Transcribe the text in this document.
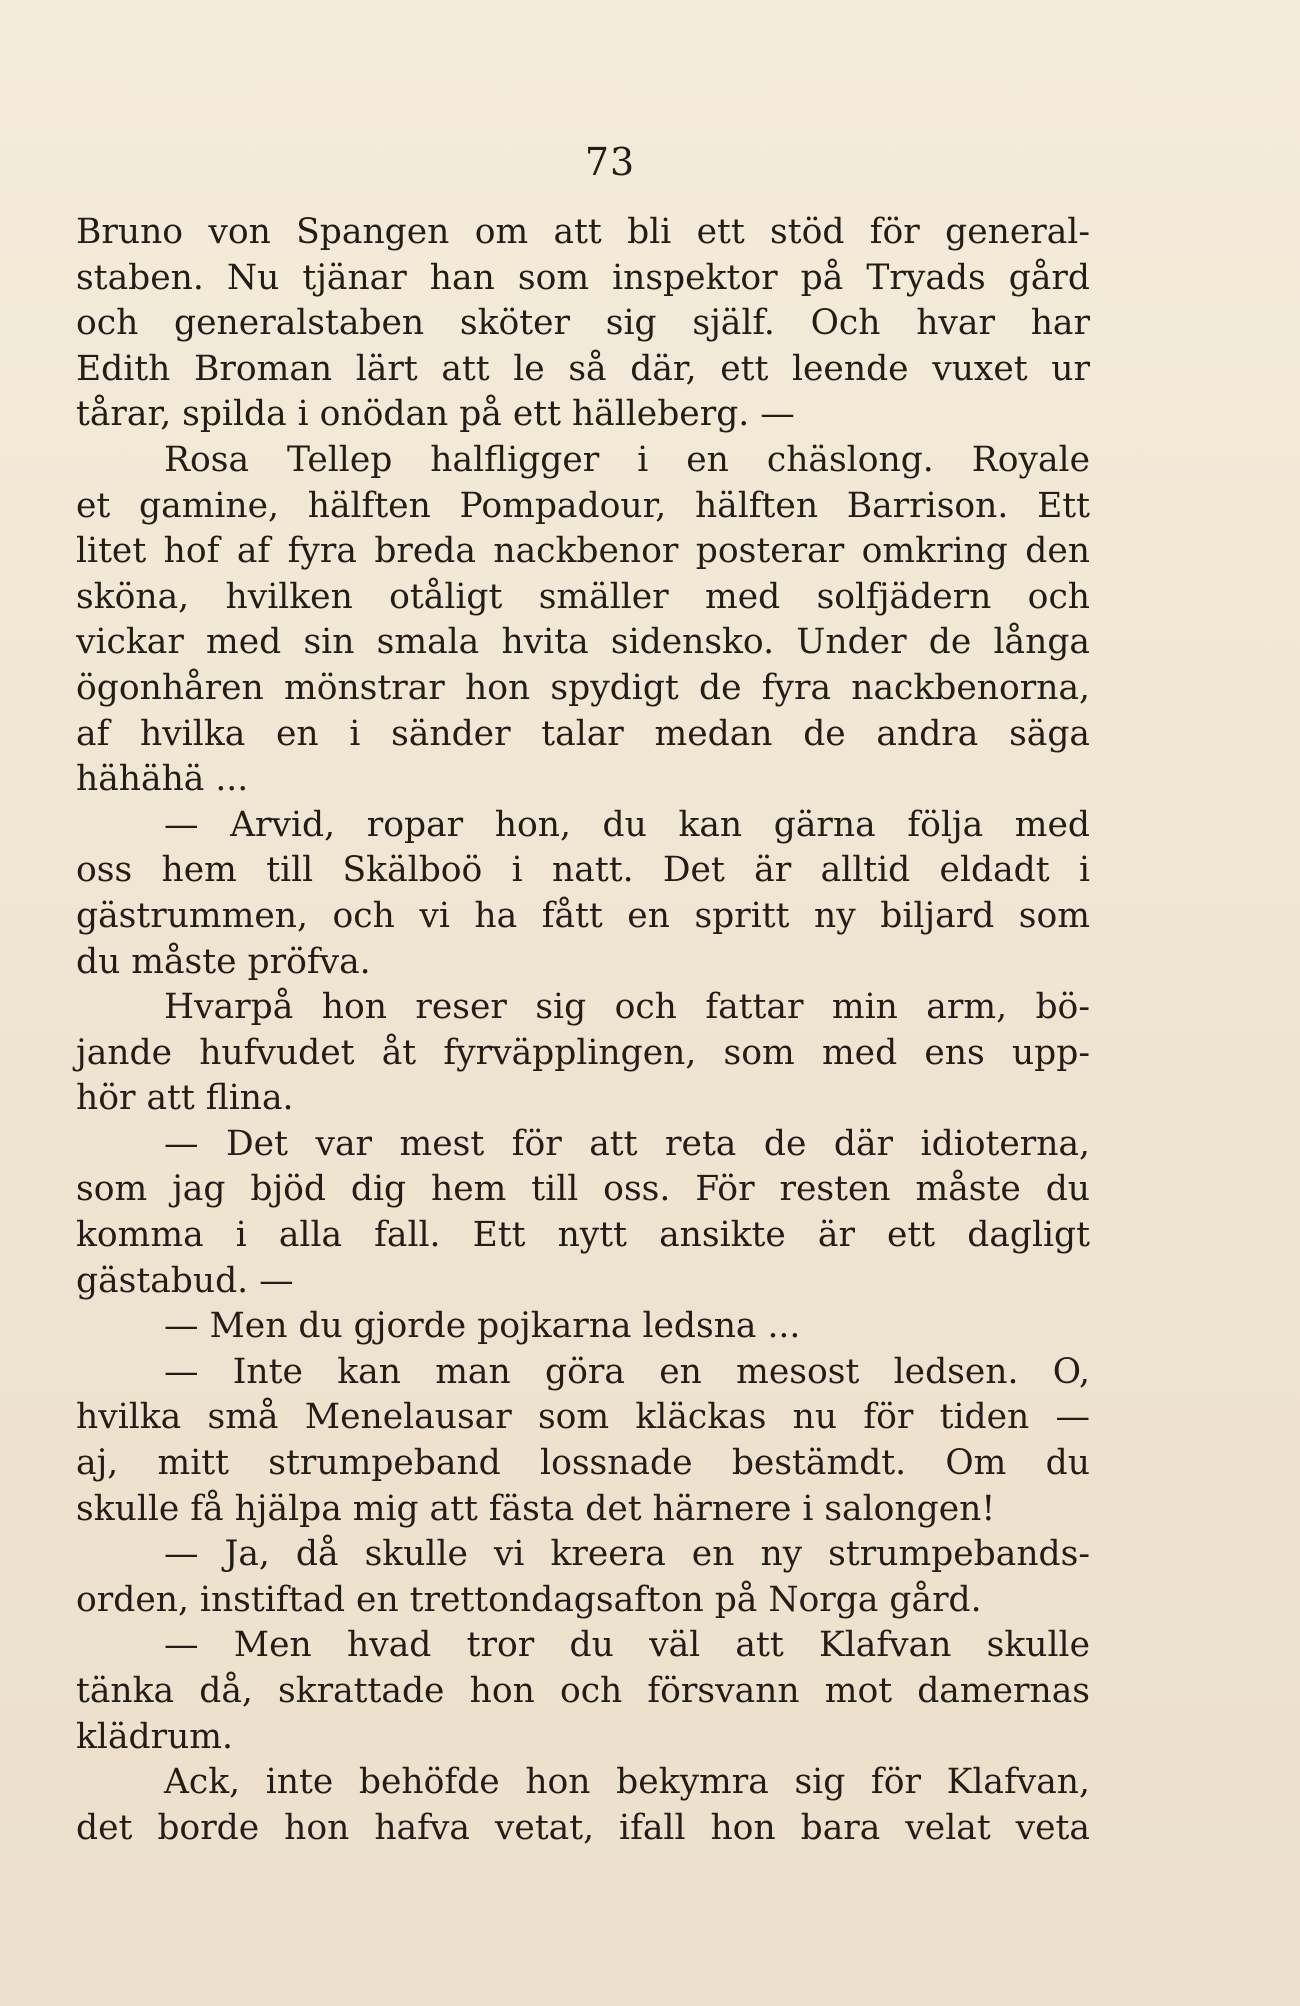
73
Bruno von Spangen om att bli ett stöd för general-
staben. Nu tjänar han som inspektor på Tryads gård
och generalstaben sköter sig själf. Och hvar har
Edith Broman lärt att le så där, ett leende vuxet ur
tårar, spilda i onödan på ett hälleberg. —
Rosa Tellep halfligger i en chäslong. Royale
et gamine, hälften Pompadour, hälften Barrison. Ett
litet hof af fyra breda nackbenor posterar omkring den
sköna, hvilken otåligt smäller med solfjädern och
vickar med sin smala hvita sidensko. Under de långa
ögonhåren mönstrar hon spydigt de fyra nackbenorna,
af hvilka en i sänder talar medan de andra säga
hähähä ...
— Arvid, ropar hon, du kan gärna följa med
oss hem till Skälboö i natt. Det är alltid eldadt i
gästrummen, och vi ha fått en spritt ny biljard som
du måste pröfva.
Hvarpå hon reser sig och fattar min arm, bö-
jande hufvudet åt fyrväpplingen, som med ens upp-
hör att flina.
— Det var mest för att reta de där idioterna,
som jag bjöd dig hem till oss. För resten måste du
komma i alla fall. Ett nytt ansikte är ett dagligt
gästabud. —
— Men du gjorde pojkarna ledsna ...
— Inte kan man göra en mesost ledsen. O,
hvilka små Menelausar som kläckas nu för tiden —
aj, mitt strumpeband lossnade bestämdt. Om du
skulle få hjälpa mig att fästa det härnere i salongen!
— Ja, då skulle vi kreera en ny strumpebands-
orden, instiftad en trettondagsafton på Norga gård.
— Men hvad tror du väl att Klafvan skulle
tänka då, skrattade hon och försvann mot damernas
klädrum.
Ack, inte behöfde hon bekymra sig för Klafvan,
det borde hon hafva vetat, ifall hon bara velat veta
